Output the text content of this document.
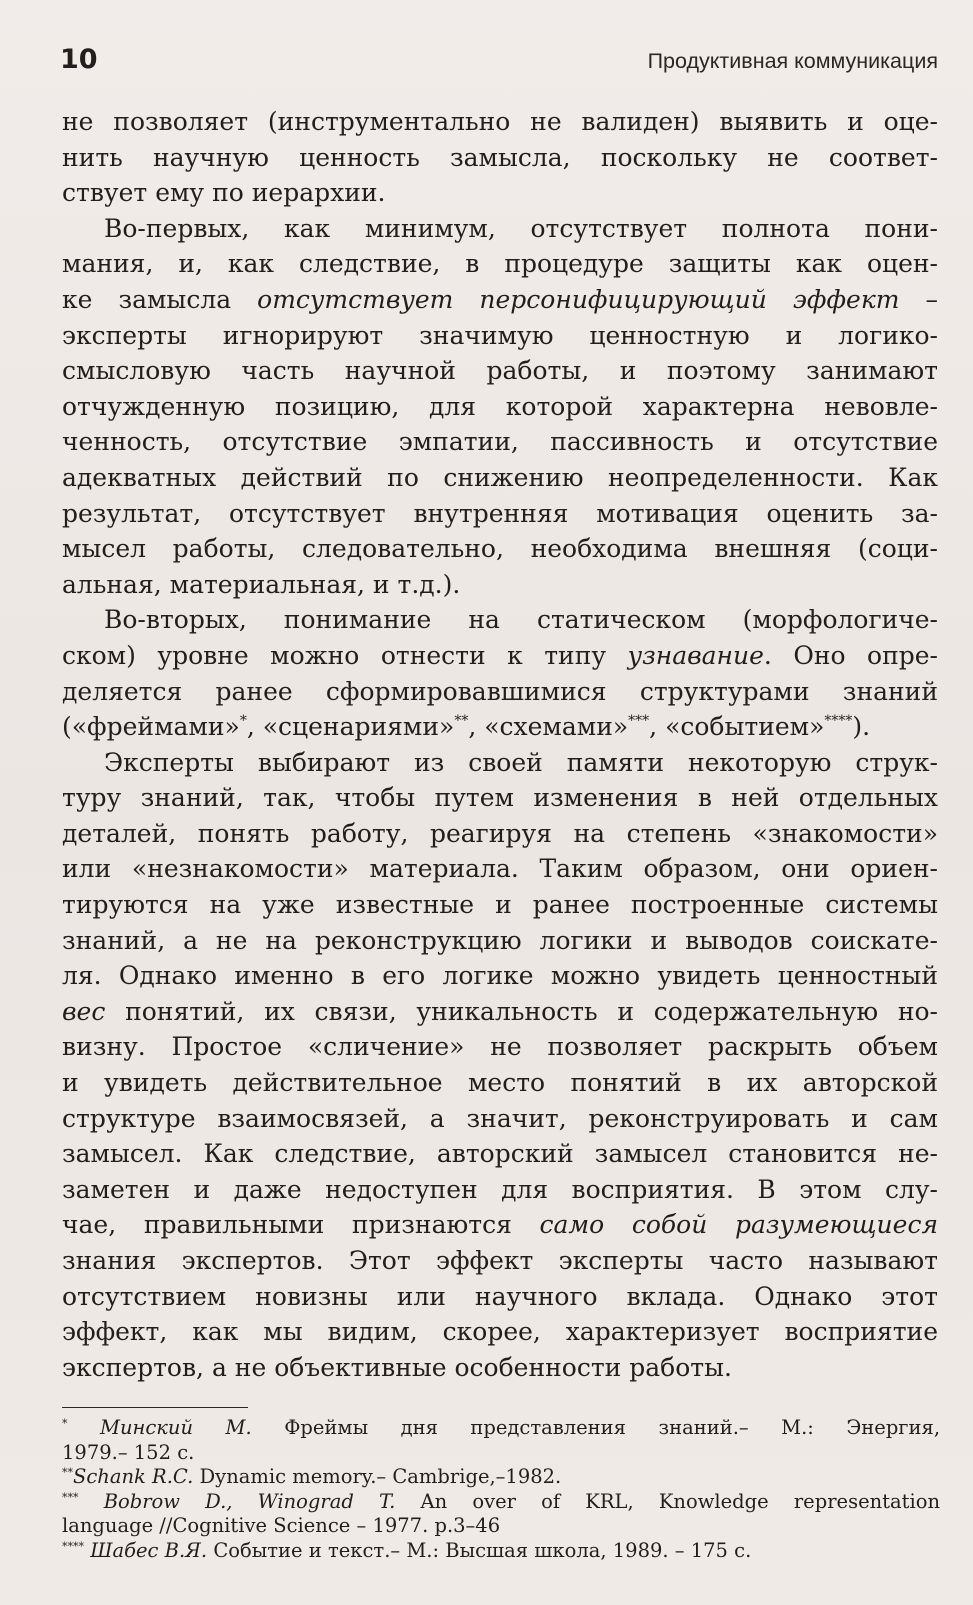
10	Продуктивная коммуникация
не позволяет (инструментально не валиден) выявить и оце-
нить научную ценность замысла, поскольку не соответ-
ствует ему по иерархии.
Во-первых, как минимум, отсутствует полнота пони-
мания, и, как следствие, в процедуре защиты как оцен-
ке замысла отсутствует персонифицирующий эффект –
эксперты игнорируют значимую ценностную и логико-
смысловую часть научной работы, и поэтому занимают
отчужденную позицию, для которой характерна невовле-
ченность, отсутствие эмпатии, пассивность и отсутствие
адекватных действий по снижению неопределенности. Как
результат, отсутствует внутренняя мотивация оценить за-
мысел работы, следовательно, необходима внешняя (соци-
альная, материальная, и т.д.).
Во-вторых, понимание на статическом (морфологиче-
ском) уровне можно отнести к типу узнавание. Оно опре-
деляется ранее сформировавшимися структурами знаний
(«фреймами»*, «сценариями»**, «схемами»***, «событием»****).
Эксперты выбирают из своей памяти некоторую струк-
туру знаний, так, чтобы путем изменения в ней отдельных
деталей, понять работу, реагируя на степень «знакомости»
или «незнакомости» материала. Таким образом, они ориен-
тируются на уже известные и ранее построенные системы
знаний, а не на реконструкцию логики и выводов соискате-
ля. Однако именно в его логике можно увидеть ценностный
вес понятий, их связи, уникальность и содержательную но-
визну. Простое «сличение» не позволяет раскрыть объем
и увидеть действительное место понятий в их авторской
структуре взаимосвязей, а значит, реконструировать и сам
замысел. Как следствие, авторский замысел становится не-
заметен и даже недоступен для восприятия. В этом слу-
чае, правильными признаются само собой разумеющиеся
знания экспертов. Этот эффект эксперты часто называют
отсутствием новизны или научного вклада. Однако этот
эффект, как мы видим, скорее, характеризует восприятие
экспертов, а не объективные особенности работы.
* Минский М. Фреймы дня представления знаний.– М.: Энергия,
1979.– 152 с.
**Schank R.C. Dynamic memory.– Cambrige,–1982.
*** Bobrow D., Winograd T. An over of KRL, Knowledge representation
language //Cognitive Science – 1977. p.3–46
**** Шабес В.Я. Событие и текст.– М.: Высшая школа, 1989. – 175 с.
